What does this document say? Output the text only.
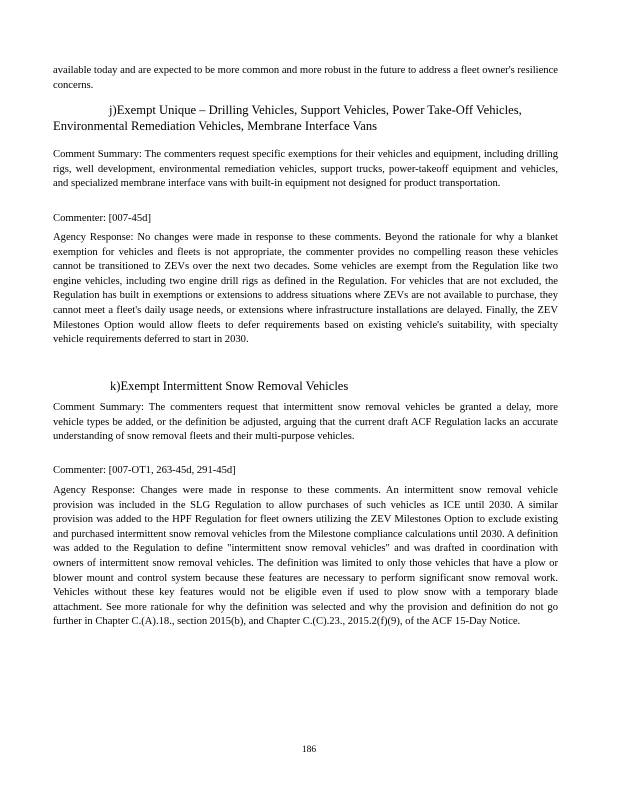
available today and are expected to be more common and more robust in the future to address a fleet owner's resilience concerns.

j)Exempt Unique – Drilling Vehicles, Support Vehicles, Power Take-Off Vehicles, Environmental Remediation Vehicles, Membrane Interface Vans

Comment Summary: The commenters request specific exemptions for their vehicles and equipment, including drilling rigs, well development, environmental remediation vehicles, support trucks, power-takeoff equipment and vehicles, and specialized membrane interface vans with built-in equipment not designed for product transportation.

Commenter: [007-45d]

Agency Response: No changes were made in response to these comments. Beyond the rationale for why a blanket exemption for vehicles and fleets is not appropriate, the commenter provides no compelling reason these vehicles cannot be transitioned to ZEVs over the next two decades. Some vehicles are exempt from the Regulation like two engine vehicles, including two engine drill rigs as defined in the Regulation. For vehicles that are not excluded, the Regulation has built in exemptions or extensions to address situations where ZEVs are not available to purchase, they cannot meet a fleet's daily usage needs, or extensions where infrastructure installations are delayed. Finally, the ZEV Milestones Option would allow fleets to defer requirements based on existing vehicle's suitability, with specialty vehicle requirements deferred to start in 2030.

k)Exempt Intermittent Snow Removal Vehicles

Comment Summary: The commenters request that intermittent snow removal vehicles be granted a delay, more vehicle types be added, or the definition be adjusted, arguing that the current draft ACF Regulation lacks an accurate understanding of snow removal fleets and their multi-purpose vehicles.

Commenter: [007-OT1, 263-45d, 291-45d]

Agency Response: Changes were made in response to these comments. An intermittent snow removal vehicle provision was included in the SLG Regulation to allow purchases of such vehicles as ICE until 2030. A similar provision was added to the HPF Regulation for fleet owners utilizing the ZEV Milestones Option to exclude existing and purchased intermittent snow removal vehicles from the Milestone compliance calculations until 2030. A definition was added to the Regulation to define "intermittent snow removal vehicles" and was drafted in coordination with owners of intermittent snow removal vehicles. The definition was limited to only those vehicles that have a plow or blower mount and control system because these features are necessary to perform significant snow removal work. Vehicles without these key features would not be eligible even if used to plow snow with a temporary blade attachment. See more rationale for why the definition was selected and why the provision and definition do not go further in Chapter C.(A).18., section 2015(b), and Chapter C.(C).23., 2015.2(f)(9), of the ACF 15-Day Notice.

186
